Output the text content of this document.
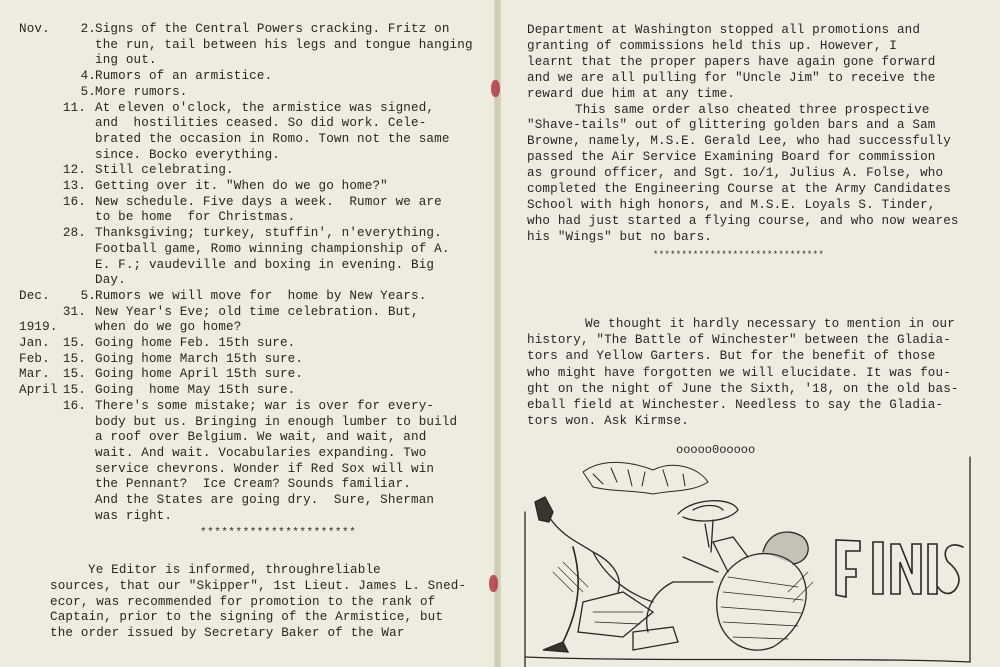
Nov.	2. Signs of the Central Powers cracking. Fritz on
the run, tail between his legs and tongue hanging
ing out.
4. Rumors of an armistice.
5. More rumors.
11. At eleven o'clock, the armistice was signed,
and  hostilities ceased. So did work. Cele-
brated the occasion in Romo. Town not the same
since. Bocko everything.
12. Still celebrating.
13. Getting over it. "When do we go home?"
16. New schedule. Five days a week.  Rumor we are
to be home  for Christmas.
28. Thanksgiving; turkey, stuffin', n'everything.
Football game, Romo winning championship of A.
E. F.; vaudeville and boxing in evening. Big
Day.
Dec.	5. Rumors we will move for  home by New Years.
31. New Year's Eve; old time celebration. But,
1919.	when do we go home?
Jan.	15. Going home Feb. 15th sure.
Feb.	15. Going home March 15th sure.
Mar.	15. Going home April 15th sure.
April 15. Going  home May 15th sure.
16. There's some mistake; war is over for every-
body but us. Bringing in enough lumber to build
a roof over Belgium. We wait, and wait, and
wait. And wait. Vocabularies expanding. Two
service chevrons. Wonder if Red Sox will win
the Pennant?  Ice Cream? Sounds familiar.
And the States are going dry.  Sure, Sherman
was right.
Ye Editor is informed, throughreliable
sources, that our "Skipper", 1st Lieut. James L. Sned-
ecor, was recommended for promotion to the rank of
Captain, prior to the signing of the Armistice, but
the order issued by Secretary Baker of the War
Department at Washington stopped all promotions and
granting of commissions held this up. However, I
learnt that the proper papers have again gone forward
and we are all pulling for "Uncle Jim" to receive the
reward due him at any time.
This same order also cheated three prospective
"Shave-tails" out of glittering golden bars and a Sam
Browne, namely, M.S.E. Gerald Lee, who had successfully
passed the Air Service Examining Board for commission
as ground officer, and Sgt. 1o/1, Julius A. Folse, who
completed the Engineering Course at the Army Candidates
School with high honors, and M.S.E. Loyals S. Tinder,
who had just started a flying course, and who now weares
his "Wings" but no bars.
We thought it hardly necessary to mention in our
history, "The Battle of Winchester" between the Gladia-
tors and Yellow Garters. But for the benefit of those
who might have forgotten we will elucidate. It was fou-
ght on the night of June the Sixth, '18, on the old bas-
eball field at Winchester. Needless to say the Gladia-
tors won. Ask Kirmse.
**********************
******************************
ooooo0ooooo
FINIS
